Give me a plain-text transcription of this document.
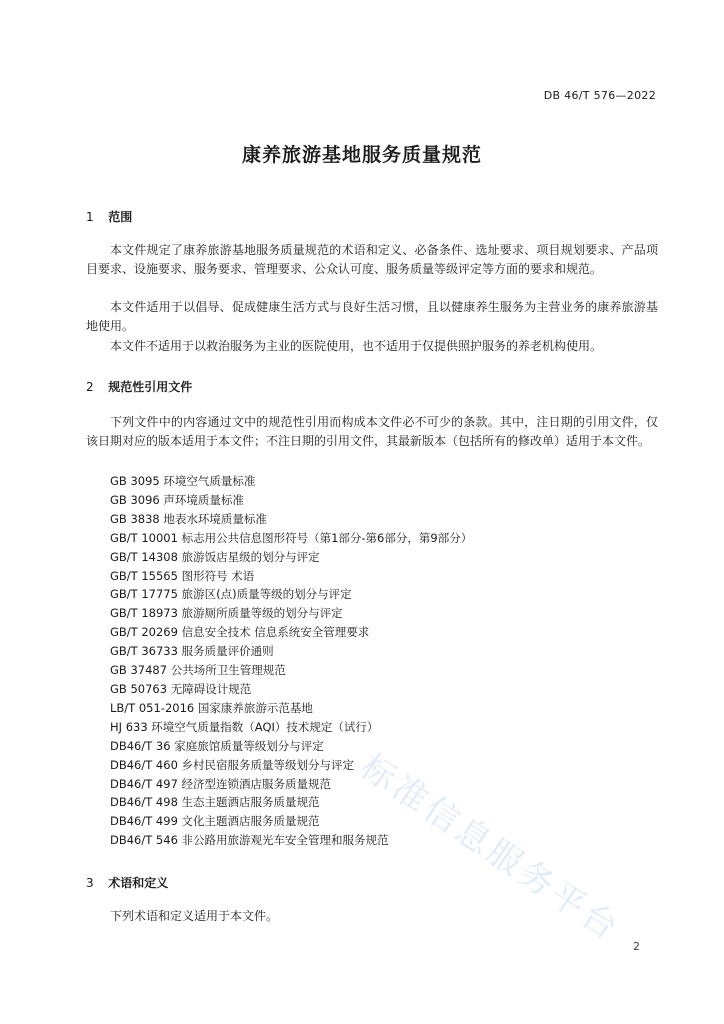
DB 46/T 576—2022
康养旅游基地服务质量规范
1 范围
本文件规定了康养旅游基地服务质量规范的术语和定义、必备条件、选址要求、项目规划要求、产品项目要求、设施要求、服务要求、管理要求、公众认可度、服务质量等级评定等方面的要求和规范。
本文件适用于以倡导、促成健康生活方式与良好生活习惯，且以健康养生服务为主营业务的康养旅游基地使用。
本文件不适用于以救治服务为主业的医院使用，也不适用于仅提供照护服务的养老机构使用。
2 规范性引用文件
下列文件中的内容通过文中的规范性引用而构成本文件必不可少的条款。其中，注日期的引用文件，仅该日期对应的版本适用于本文件；不注日期的引用文件，其最新版本（包括所有的修改单）适用于本文件。
GB 3095 环境空气质量标准
GB 3096 声环境质量标准
GB 3838 地表水环境质量标准
GB/T 10001 标志用公共信息图形符号（第1部分-第6部分，第9部分）
GB/T 14308 旅游饭店星级的划分与评定
GB/T 15565 图形符号 术语
GB/T 17775 旅游区(点)质量等级的划分与评定
GB/T 18973 旅游厕所质量等级的划分与评定
GB/T 20269 信息安全技术 信息系统安全管理要求
GB/T 36733 服务质量评价通则
GB 37487 公共场所卫生管理规范
GB 50763 无障碍设计规范
LB/T 051-2016 国家康养旅游示范基地
HJ 633 环境空气质量指数（AQI）技术规定（试行）
DB46/T 36 家庭旅馆质量等级划分与评定
DB46/T 460 乡村民宿服务质量等级划分与评定
DB46/T 497 经济型连锁酒店服务质量规范
DB46/T 498 生态主题酒店服务质量规范
DB46/T 499 文化主题酒店服务质量规范
DB46/T 546 非公路用旅游观光车安全管理和服务规范
3 术语和定义
下列术语和定义适用于本文件。
2
标准信息服务平台
